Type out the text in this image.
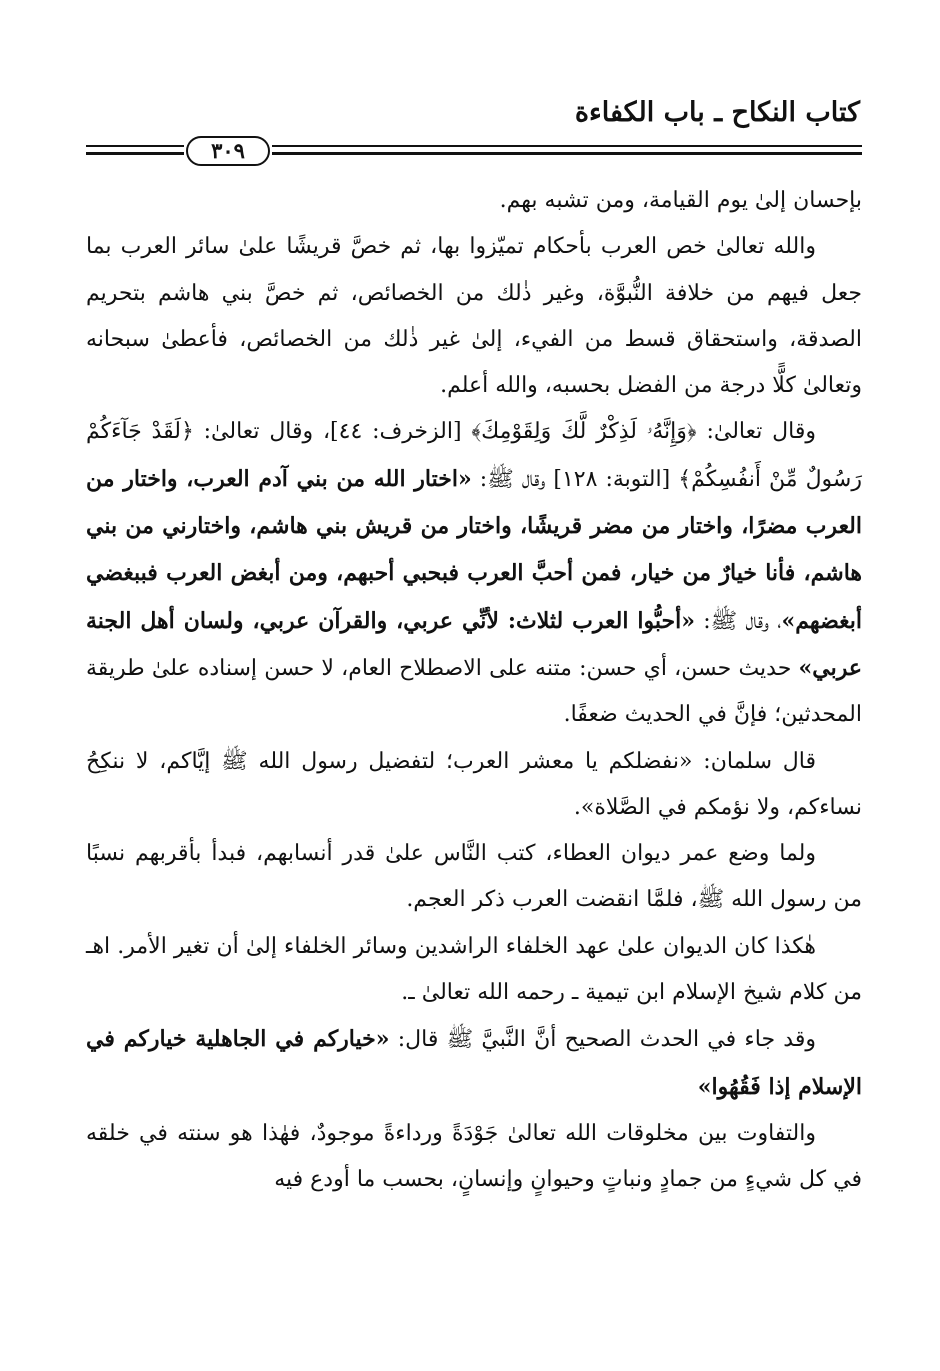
كتاب النكاح ـ باب الكفاءة
٣٠٩

بإحسان إلىٰ يوم القيامة، ومن تشبه بهم.

والله تعالىٰ خص العرب بأحكام تميّزوا بها، ثم خصَّ قريشًا علىٰ سائر العرب بما جعل فيهم من خلافة النُّبوَّة، وغير ذٰلك من الخصائص، ثم خصَّ بني هاشم بتحريم الصدقة، واستحقاق قسط من الفيء، إلىٰ غير ذٰلك من الخصائص، فأعطىٰ سبحانه وتعالىٰ كلًّا درجة من الفضل بحسبه، والله أعلم.

وقال تعالىٰ: ﴿وَإِنَّهُۥ لَذِكْرٌ لَّكَ وَلِقَوْمِكَ﴾ [الزخرف: ٤٤]، وقال تعالىٰ: ﴿لَقَدْ جَآءَكُمْ رَسُولٌ مِّنْ أَنفُسِكُمْ﴾ [التوبة: ١٢٨] وقال ﷺ: «اختار الله من بني آدم العرب، واختار من العرب مضرًا، واختار من مضر قريشًا، واختار من قريش بني هاشم، واختارني من بني هاشم، فأنا خيارٌ من خيار، فمن أحبَّ العرب فبحبي أحبهم، ومن أبغض العرب فببغضي أبغضهم»، وقال ﷺ: «أحبُّوا العرب لثلاث: لأنِّي عربي، والقرآن عربي، ولسان أهل الجنة عربي» حديث حسن، أي حسن: متنه على الاصطلاح العام، لا حسن إسناده علىٰ طريقة المحدثين؛ فإنَّ في الحديث ضعفًا.

قال سلمان: «نفضلكم يا معشر العرب؛ لتفضيل رسول الله ﷺ إيَّاكم، لا ننكِحُ نساءكم، ولا نؤمكم في الصَّلاة».

ولما وضع عمر ديوان العطاء، كتب النَّاس علىٰ قدر أنسابهم، فبدأ بأقربهم نسبًا من رسول الله ﷺ، فلمَّا انقضت العرب ذكر العجم.

هٰكذا كان الديوان علىٰ عهد الخلفاء الراشدين وسائر الخلفاء إلىٰ أن تغير الأمر. اهـ من كلام شيخ الإسلام ابن تيمية ـ رحمه الله تعالىٰ ـ.

وقد جاء في الحدث الصحيح أنَّ النَّبيَّ ﷺ قال: «خياركم في الجاهلية خياركم في الإسلام إذا فَقُهُوا»

والتفاوت بين مخلوقات الله تعالىٰ جَوْدَةً ورداءةً موجودٌ، فهٰذا هو سنته في خلقه في كل شيءٍ من جمادٍ ونباتٍ وحيوانٍ وإنسانٍ، بحسب ما أودع فيه
